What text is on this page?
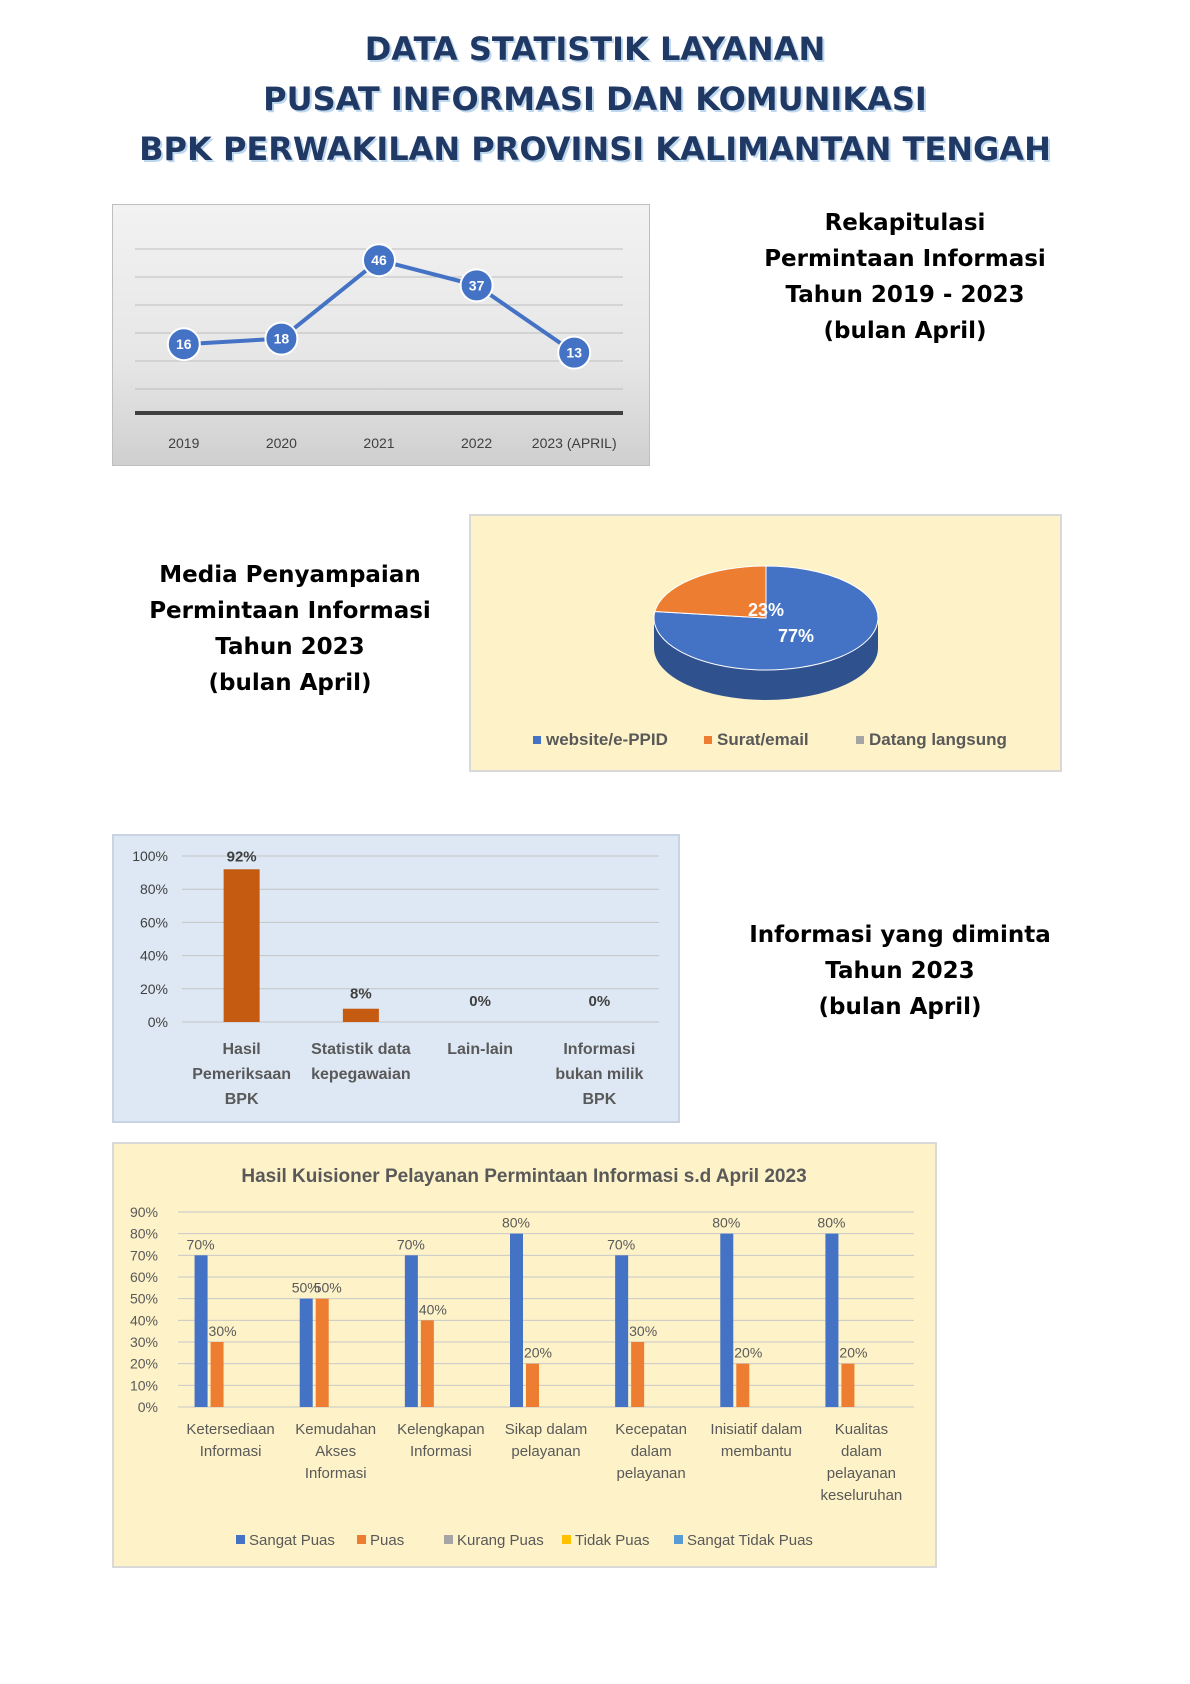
DATA STATISTIK LAYANAN
PUSAT INFORMASI DAN KOMUNIKASI
BPK PERWAKILAN PROVINSI KALIMANTAN TENGAH
16	18
46
37
13
2019	2020	2021	2022	2023 (APRIL)
Rekapitulasi
Permintaan Informasi
Tahun 2019 - 2023
(bulan April)
Media Penyampaian
Permintaan Informasi
Tahun 2023
(bulan April)
77%
23%
website/e-PPID	Surat/email	Datang langsung
0%
20%
40%
60%
80%
100%	92%
Hasil
Pemeriksaan
BPK
8%
Statistik data
kepegawaian
0%
Lain-lain
0%
Informasi
bukan milik
BPK
Informasi yang diminta
Tahun 2023
(bulan April)
Hasil Kuisioner Pelayanan Permintaan Informasi s.d April 2023
0%
10%
20%
30%
40%
50%
60%
70%
80%
90%
70%
30%
Ketersediaan
Informasi
50%
50%
Kemudahan
Akses
Informasi
70%
40%
Kelengkapan
Informasi
80%
20%
Sikap dalam
pelayanan
70%
30%
Kecepatan
dalam
pelayanan
80%
20%
Inisiatif dalam
membantu
80%
20%
Kualitas
dalam
pelayanan
keseluruhan
Sangat Puas Puas	Kurang Puas Tidak Puas	Sangat Tidak Puas
